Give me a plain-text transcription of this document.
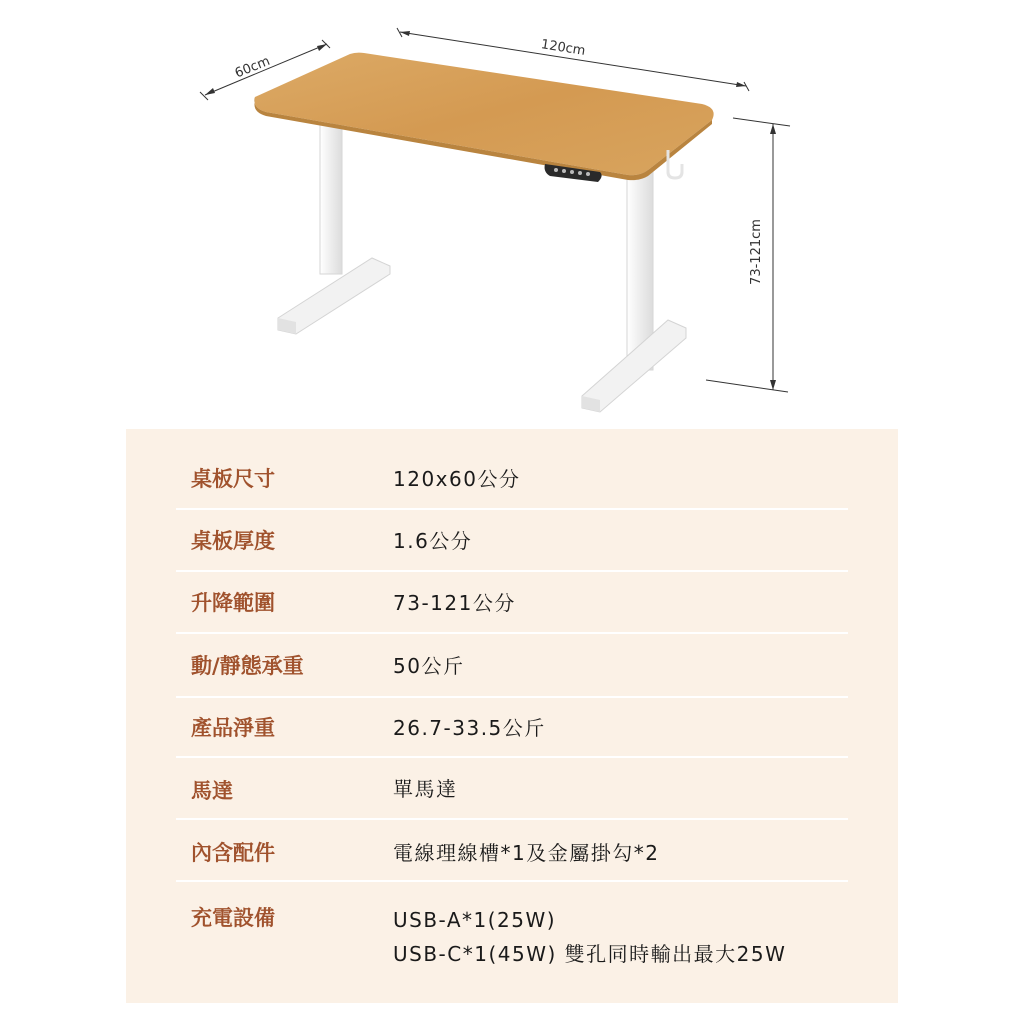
120cm
60cm
73-121cm
桌板尺寸	120x60公分
桌板厚度	1.6公分
升降範圍	73-121公分
動/靜態承重	50公斤
產品淨重	26.7-33.5公斤
馬達	單馬達
內含配件	電線理線槽*1及金屬掛勾*2
充電設備	USB-A*1(25W)
USB-C*1(45W) 雙孔同時輸出最大25W
